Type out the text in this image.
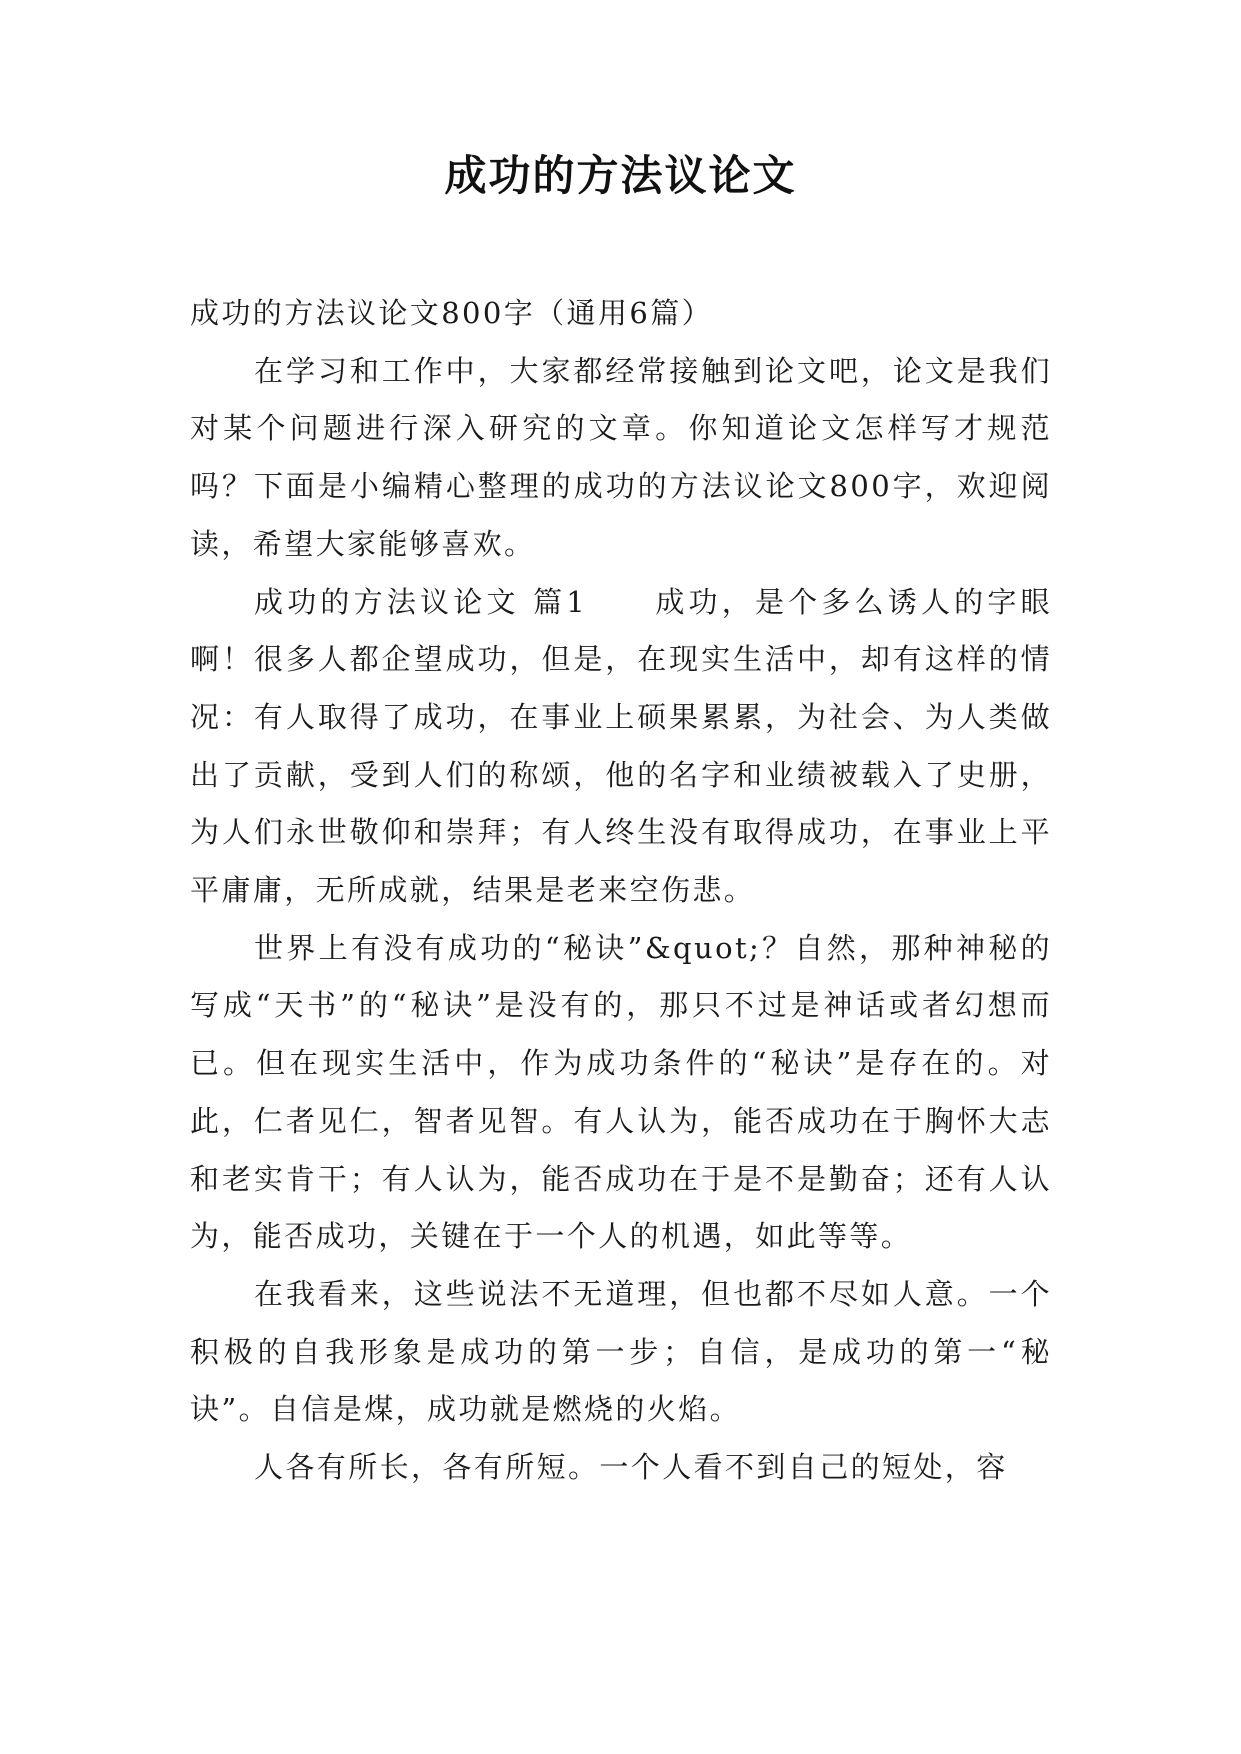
成功的方法议论文

成功的方法议论文800字（通用6篇）

在学习和工作中，大家都经常接触到论文吧，论文是我们对某个问题进行深入研究的文章。你知道论文怎样写才规范吗？下面是小编精心整理的成功的方法议论文800字，欢迎阅读，希望大家能够喜欢。

成功的方法议论文 篇1　　成功，是个多么诱人的字眼啊！很多人都企望成功，但是，在现实生活中，却有这样的情况：有人取得了成功，在事业上硕果累累，为社会、为人类做出了贡献，受到人们的称颂，他的名字和业绩被载入了史册，为人们永世敬仰和崇拜；有人终生没有取得成功，在事业上平平庸庸，无所成就，结果是老来空伤悲。

世界上有没有成功的“秘诀”&quot;？自然，那种神秘的写成“天书”的“秘诀”是没有的，那只不过是神话或者幻想而已。但在现实生活中，作为成功条件的“秘诀”是存在的。对此，仁者见仁，智者见智。有人认为，能否成功在于胸怀大志和老实肯干；有人认为，能否成功在于是不是勤奋；还有人认为，能否成功，关键在于一个人的机遇，如此等等。

在我看来，这些说法不无道理，但也都不尽如人意。一个积极的自我形象是成功的第一步；自信，是成功的第一“秘诀”。自信是煤，成功就是燃烧的火焰。

人各有所长，各有所短。一个人看不到自己的短处，容
